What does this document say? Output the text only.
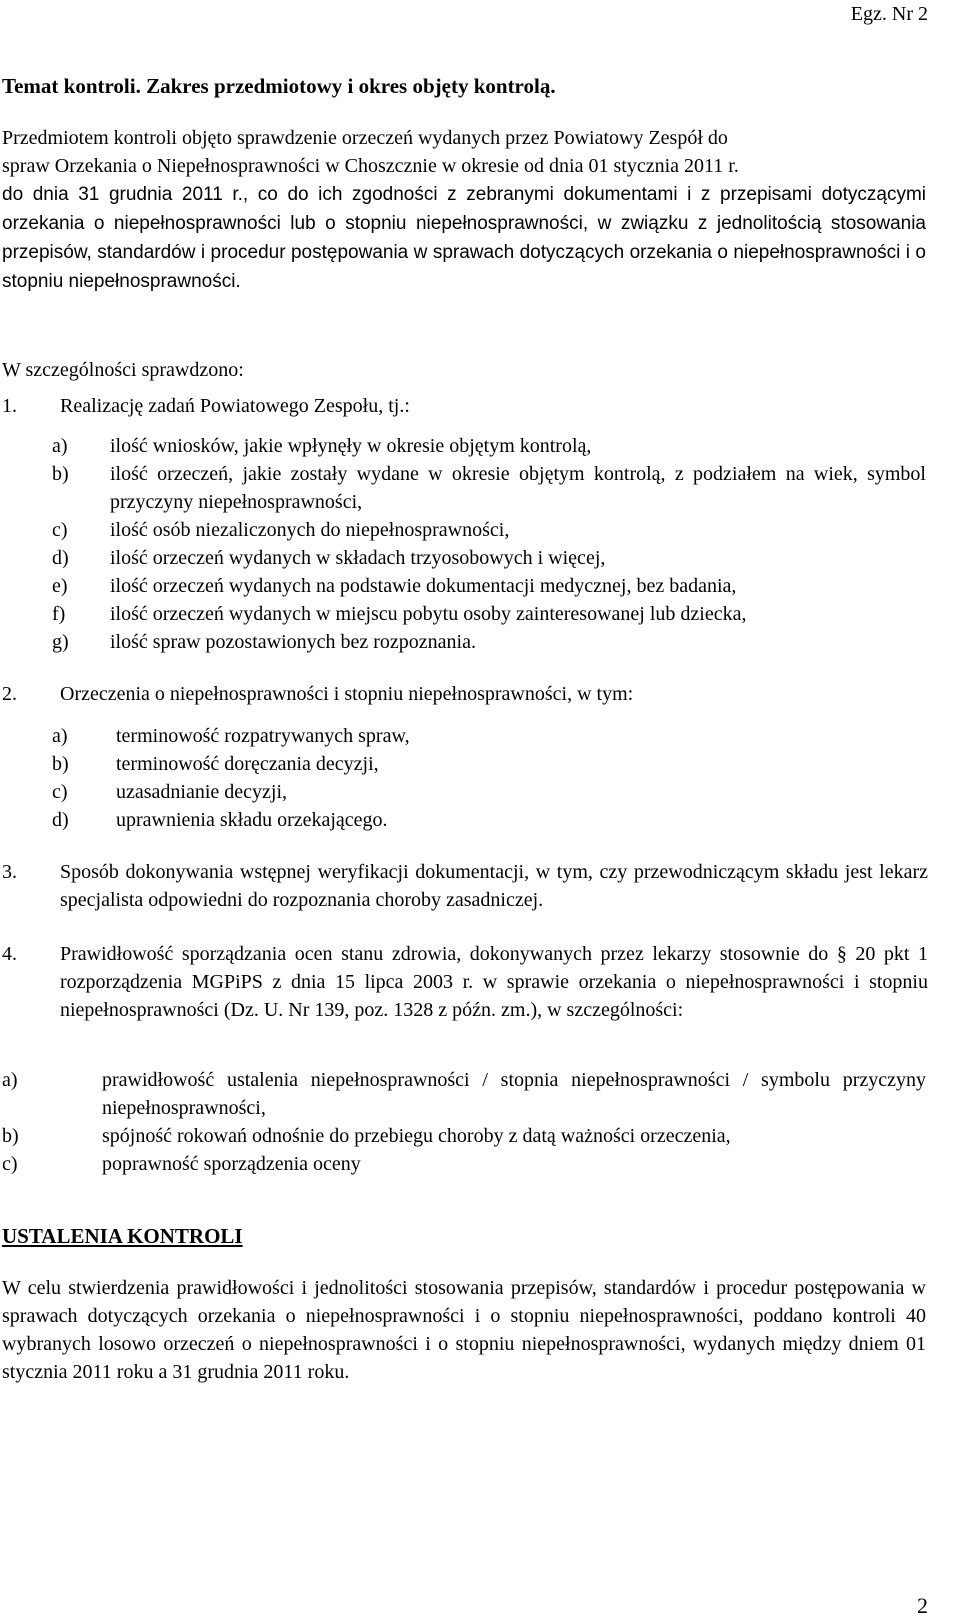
Egz. Nr 2
Temat kontroli. Zakres przedmiotowy i okres objęty kontrolą.
Przedmiotem kontroli objęto sprawdzenie orzeczeń wydanych przez Powiatowy Zespół do
spraw Orzekania o Niepełnosprawności w Choszcznie w okresie od dnia 01 stycznia 2011 r.
do dnia 31 grudnia 2011 r., co do ich zgodności z zebranymi dokumentami i z przepisami dotyczącymi orzekania o niepełnosprawności lub o stopniu niepełnosprawności, w związku z jednolitością stosowania przepisów, standardów i procedur postępowania w sprawach dotyczących orzekania o niepełnosprawności i o stopniu niepełnosprawności.
W szczególności sprawdzono:
1.	Realizację zadań Powiatowego Zespołu, tj.:
a) ilość wniosków, jakie wpłynęły w okresie objętym kontrolą,
b) ilość orzeczeń, jakie zostały wydane w okresie objętym kontrolą, z podziałem na wiek, symbol przyczyny niepełnosprawności,
c) ilość osób niezaliczonych do niepełnosprawności,
d) ilość orzeczeń wydanych w składach trzyosobowych i więcej,
e) ilość orzeczeń wydanych na podstawie dokumentacji medycznej, bez badania,
f) ilość orzeczeń wydanych w miejscu pobytu osoby zainteresowanej lub dziecka,
g) ilość spraw pozostawionych bez rozpoznania.
2.	Orzeczenia o niepełnosprawności i stopniu niepełnosprawności, w tym:
a) terminowość rozpatrywanych spraw,
b) terminowość doręczania decyzji,
c) uzasadnianie decyzji,
d) uprawnienia składu orzekającego.
3.	Sposób dokonywania wstępnej weryfikacji dokumentacji, w tym, czy przewodniczącym składu jest lekarz specjalista odpowiedni do rozpoznania choroby zasadniczej.
4.	Prawidłowość sporządzania ocen stanu zdrowia, dokonywanych przez lekarzy stosownie do § 20 pkt 1 rozporządzenia MGPiPS z dnia 15 lipca 2003 r. w sprawie orzekania o niepełnosprawności i stopniu niepełnosprawności (Dz. U. Nr 139, poz. 1328 z późn. zm.), w szczególności:
a)	prawidłowość ustalenia niepełnosprawności / stopnia niepełnosprawności / symbolu przyczyny niepełnosprawności,
b)	spójność rokowań odnośnie do przebiegu choroby z datą ważności orzeczenia,
c)	poprawność sporządzenia oceny
USTALENIA KONTROLI
W celu stwierdzenia prawidłowości i jednolitości stosowania przepisów, standardów i procedur postępowania w sprawach dotyczących orzekania o niepełnosprawności i o stopniu niepełnosprawności, poddano kontroli 40 wybranych losowo orzeczeń o niepełnosprawności i o stopniu niepełnosprawności, wydanych między dniem 01 stycznia 2011 roku a 31 grudnia 2011 roku.
2
